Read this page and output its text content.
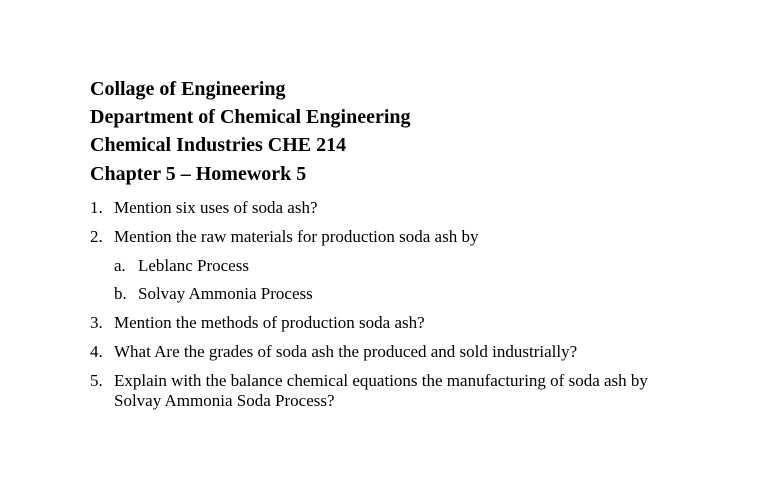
Collage of Engineering
Department of Chemical Engineering
Chemical Industries CHE 214
Chapter 5 – Homework 5
1. Mention six uses of soda ash?
2. Mention the raw materials for production soda ash by
a. Leblanc Process
b. Solvay Ammonia Process
3. Mention the methods of production soda ash?
4. What Are the grades of soda ash the produced and sold industrially?
5. Explain with the balance chemical equations the manufacturing of soda ash by
Solvay Ammonia Soda Process?
